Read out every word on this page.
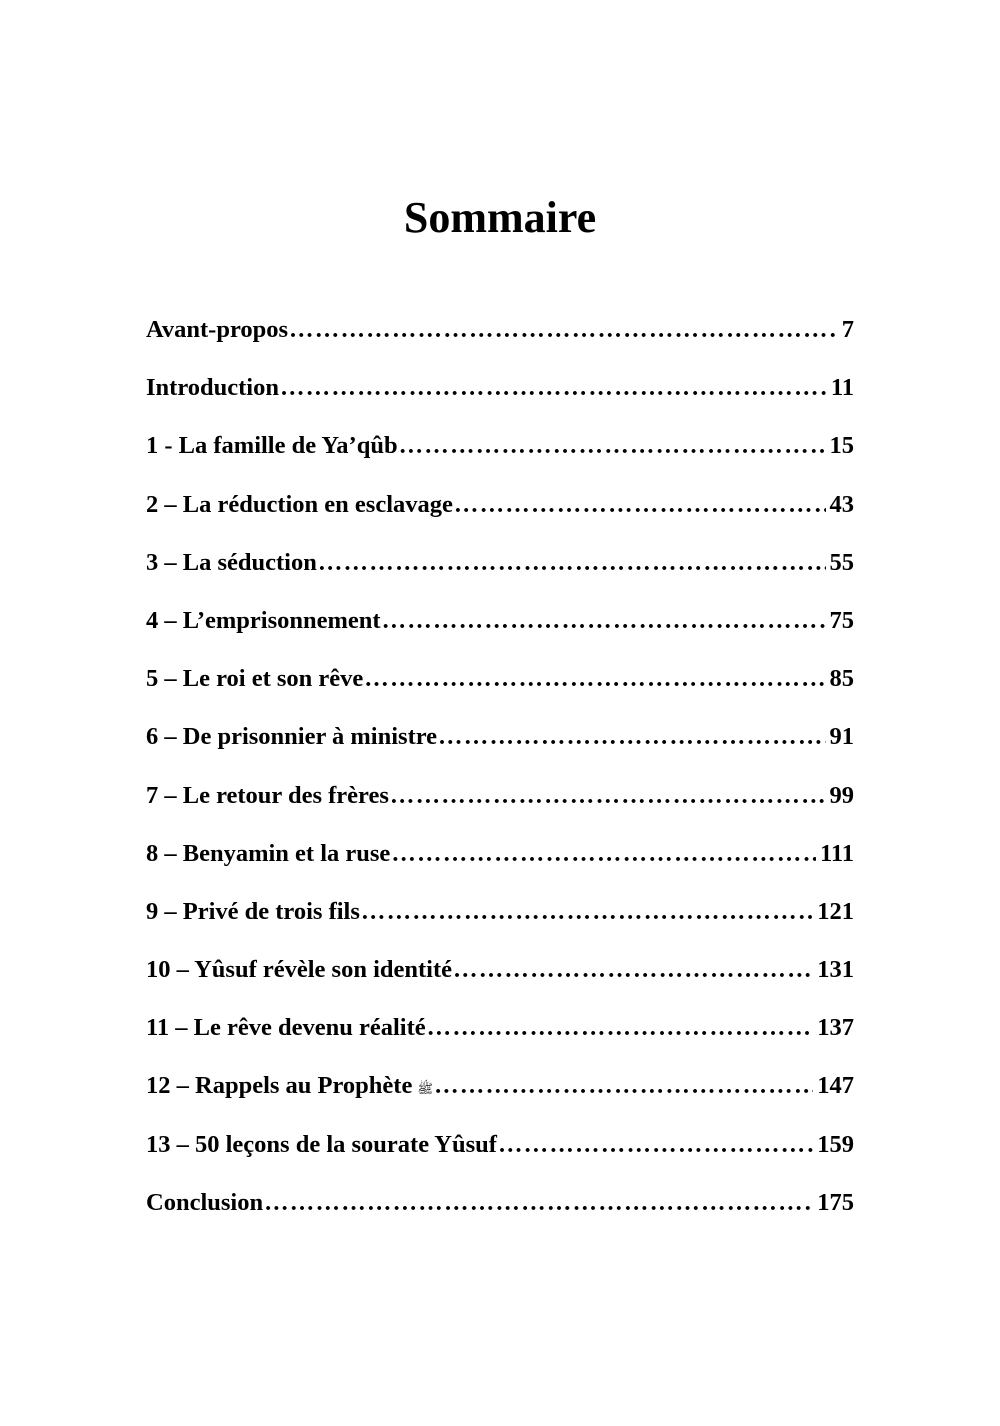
Sommaire
Avant-propos …………………………………………………………………………………………………………………………………………………	7
Introduction …………………………………………………………………………………………………………………………………………………	11
1 - La famille de Ya’qûb …………………………………………………………………………………………………………………………………………………	15
2 – La réduction en esclavage …………………………………………………………………………………………………………………………………………………	43
3 – La séduction …………………………………………………………………………………………………………………………………………………	55
4 – L’emprisonnement …………………………………………………………………………………………………………………………………………………	75
5 – Le roi et son rêve …………………………………………………………………………………………………………………………………………………	85
6 – De prisonnier à ministre …………………………………………………………………………………………………………………………………………………	91
7 – Le retour des frères …………………………………………………………………………………………………………………………………………………	99
8 – Benyamin et la ruse …………………………………………………………………………………………………………………………………………………	111
9 – Privé de trois fils …………………………………………………………………………………………………………………………………………………	121
10 – Yûsuf révèle son identité …………………………………………………………………………………………………………………………………………………	131
11 – Le rêve devenu réalité …………………………………………………………………………………………………………………………………………………	137
12 – Rappels au Prophète ﷺ …………………………………………………………………………………………………………………………………………………	147
13 – 50 leçons de la sourate Yûsuf …………………………………………………………………………………………………………………………………………………	159
Conclusion …………………………………………………………………………………………………………………………………………………	175
